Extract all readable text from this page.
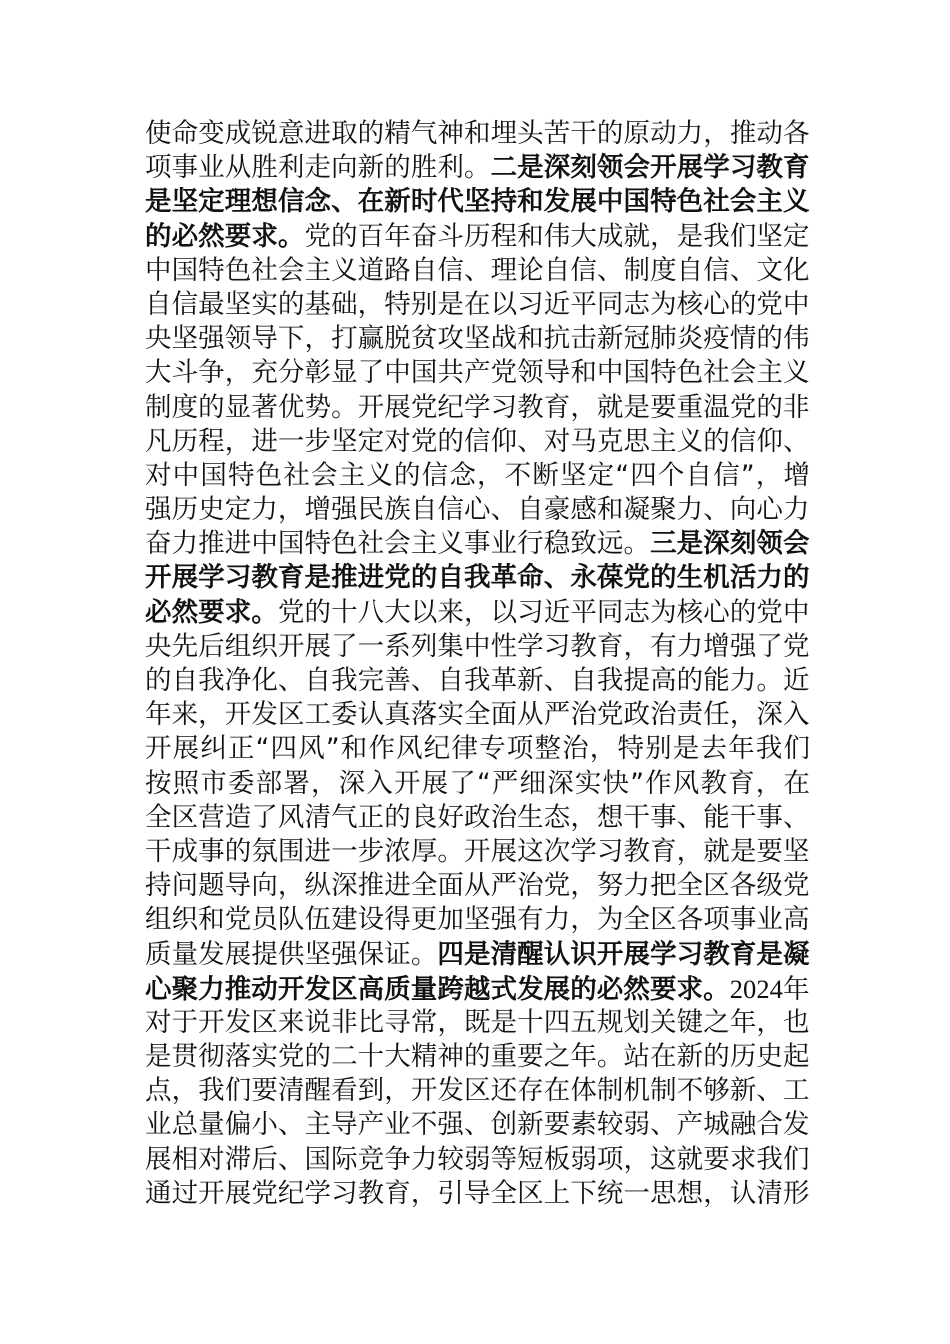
使命变成锐意进取的精气神和埋头苦干的原动力，推动各
项事业从胜利走向新的胜利。二是深刻领会开展学习教育
是坚定理想信念、在新时代坚持和发展中国特色社会主义
的必然要求。党的百年奋斗历程和伟大成就，是我们坚定
中国特色社会主义道路自信、理论自信、制度自信、文化
自信最坚实的基础，特别是在以习近平同志为核心的党中
央坚强领导下，打赢脱贫攻坚战和抗击新冠肺炎疫情的伟
大斗争，充分彰显了中国共产党领导和中国特色社会主义
制度的显著优势。开展党纪学习教育，就是要重温党的非
凡历程，进一步坚定对党的信仰、对马克思主义的信仰、
对中国特色社会主义的信念，不断坚定“四个自信”，增
强历史定力，增强民族自信心、自豪感和凝聚力、向心力
奋力推进中国特色社会主义事业行稳致远。三是深刻领会
开展学习教育是推进党的自我革命、永葆党的生机活力的
必然要求。党的十八大以来，以习近平同志为核心的党中
央先后组织开展了一系列集中性学习教育，有力增强了党
的自我净化、自我完善、自我革新、自我提高的能力。近
年来，开发区工委认真落实全面从严治党政治责任，深入
开展纠正“四风”和作风纪律专项整治，特别是去年我们
按照市委部署，深入开展了“严细深实快”作风教育，在
全区营造了风清气正的良好政治生态，想干事、能干事、
干成事的氛围进一步浓厚。开展这次学习教育，就是要坚
持问题导向，纵深推进全面从严治党，努力把全区各级党
组织和党员队伍建设得更加坚强有力，为全区各项事业高
质量发展提供坚强保证。四是清醒认识开展学习教育是凝
心聚力推动开发区高质量跨越式发展的必然要求。2024年
对于开发区来说非比寻常，既是十四五规划关键之年，也
是贯彻落实党的二十大精神的重要之年。站在新的历史起
点，我们要清醒看到，开发区还存在体制机制不够新、工
业总量偏小、主导产业不强、创新要素较弱、产城融合发
展相对滞后、国际竞争力较弱等短板弱项，这就要求我们
通过开展党纪学习教育，引导全区上下统一思想，认清形
